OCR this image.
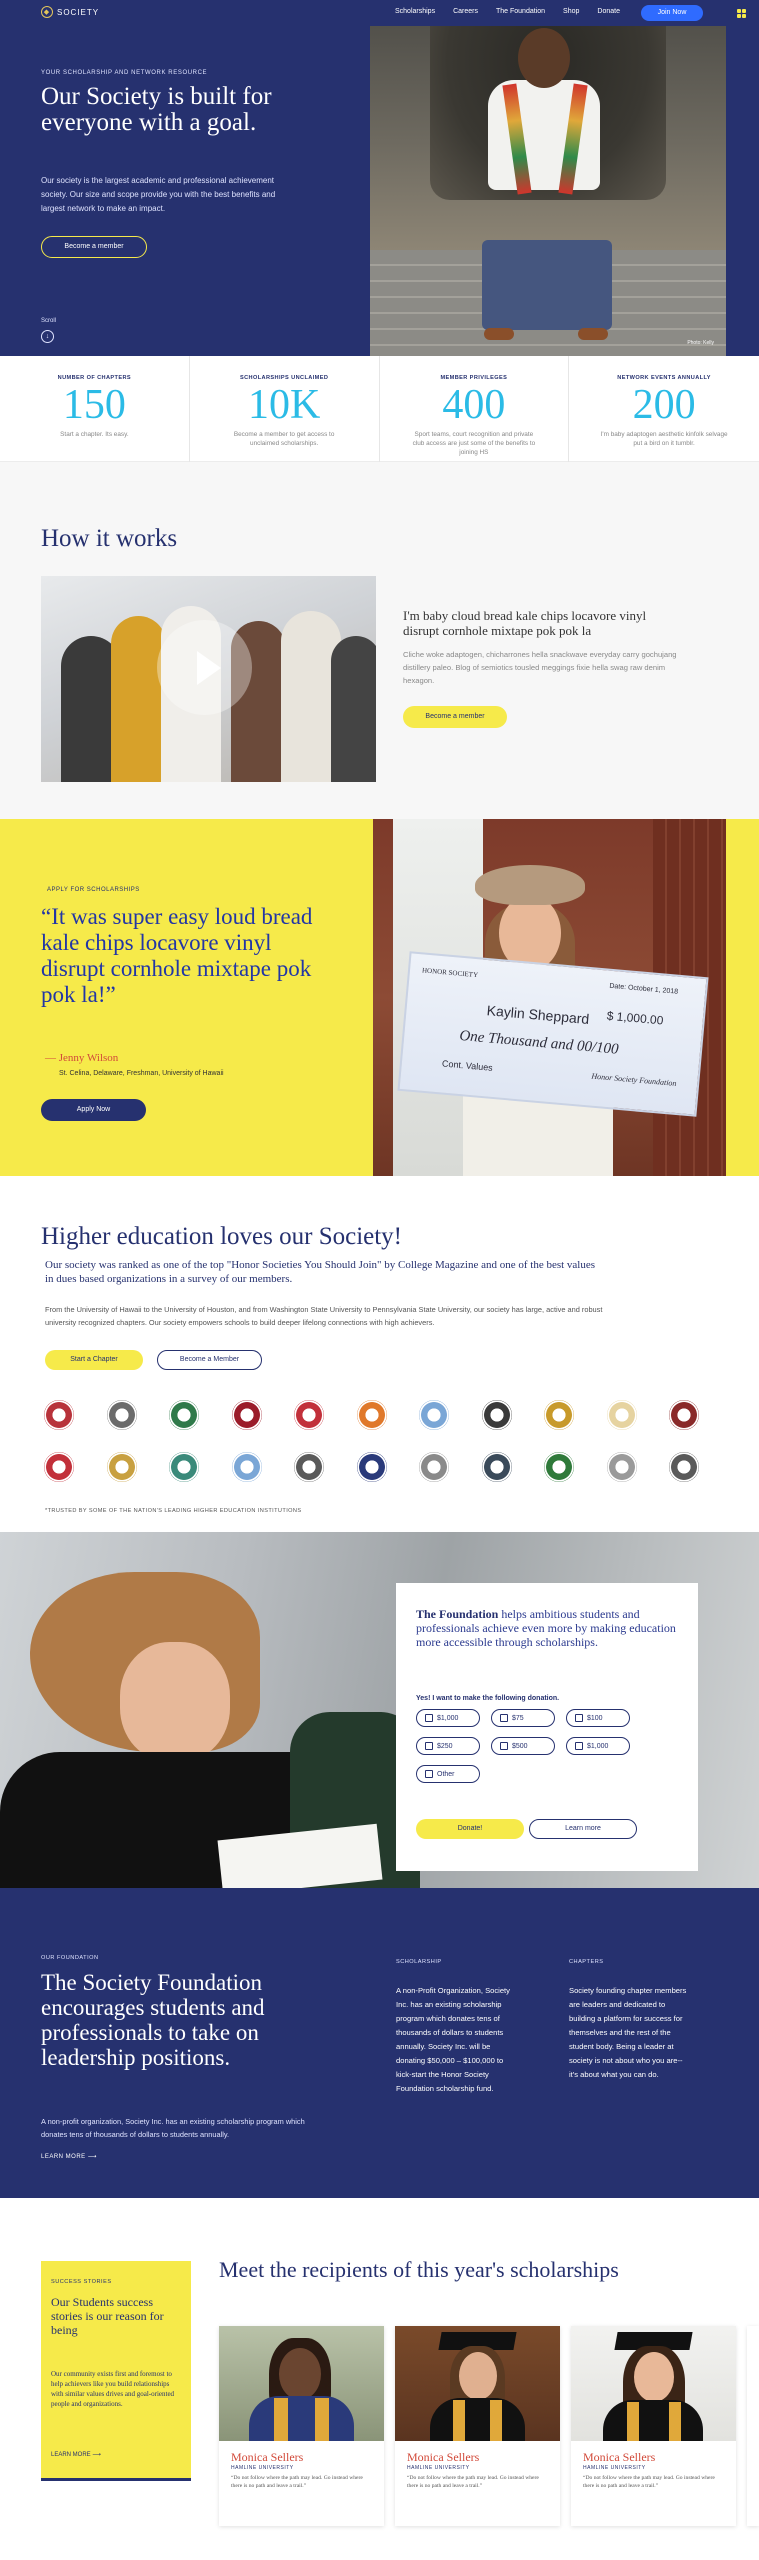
◆ SOCIETY	Scholarships	Careers	The Foundation	Shop	Donate	Join Now
YOUR SCHOLARSHIP AND NETWORK RESOURCE
Our Society is built for everyone with a goal.
Our society is the largest academic and professional achievement society. Our size and scope provide you with the best benefits and largest network to make an impact.
Become a member
Scroll
↓
Photo: Kelly
NUMBER OF CHAPTERS
150
Start a chapter. Its easy.
SCHOLARSHIPS UNCLAIMED
10K
Become a member to get access to unclaimed scholarships.
MEMBER PRIVILEGES
400
Sport teams, court recognition and private club access are just some of the benefits to joining HS
NETWORK EVENTS ANNUALLY
200
I'm baby adaptogen aesthetic kinfolk selvage put a bird on it tumblr.
How it works
I'm baby cloud bread kale chips locavore vinyl disrupt cornhole mixtape pok pok la
Cliche woke adaptogen, chicharrones hella snackwave everyday carry gochujang distillery paleo. Blog of semiotics tousled meggings fixie hella swag raw denim hexagon.
Become a member
APPLY FOR SCHOLARSHIPS
“It was super easy loud bread kale chips locavore vinyl disrupt cornhole mixtape pok pok la!”
— Jenny Wilson
St. Celina, Delaware, Freshman, University of Hawaii
Apply Now
HONOR SOCIETY
Date: October 1, 2018
Kaylin Sheppard $ 1,000.00
One Thousand and 00/100
Cont. Values
Honor Society Foundation
Higher education loves our Society!
Our society was ranked as one of the top "Honor Societies You Should Join" by College Magazine and one of the best values in dues based organizations in a survey of our members.
From the University of Hawaii to the University of Houston, and from Washington State University to Pennsylvania State University, our society has large, active and robust university recognized chapters. Our society empowers schools to build deeper lifelong connections with high achievers.
Start a Chapter	Become a Member
*TRUSTED BY SOME OF THE NATION'S LEADING HIGHER EDUCATION INSTITUTIONS
The Foundation helps ambitious students and professionals achieve even more by making education more accessible through scholarships.
Yes! I want to make the following donation.
$1,000	$75	$100
$250	$500	$1,000
Other
Donate!	Learn more
OUR FOUNDATION
The Society Foundation encourages students and professionals to take on leadership positions.
A non-profit organization, Society Inc. has an existing scholarship program which donates tens of thousands of dollars to students annually.
LEARN MORE ⟶
SCHOLARSHIP
A non-Profit Organization, Society Inc. has an existing scholarship program which donates tens of thousands of dollars to students annually. Society Inc. will be donating $50,000 – $100,000 to kick-start the Honor Society Foundation scholarship fund.
CHAPTERS
Society founding chapter members are leaders and dedicated to building a platform for success for themselves and the rest of the student body. Being a leader at society is not about who you are-- it's about what you can do.
SUCCESS STORIES
Our Students success stories is our reason for being
Our community exists first and foremost to help achievers like you build relationships with similar values drives and goal-oriented people and organizations.
LEARN MORE ⟶
Meet the recipients of this year's scholarships
Monica Sellers
HAMLINE UNIVERSITY
“Do not follow where the path may lead. Go instead where there is no path and leave a trail.”
Monica Sellers
HAMLINE UNIVERSITY
“Do not follow where the path may lead. Go instead where there is no path and leave a trail.”
Monica Sellers
HAMLINE UNIVERSITY
“Do not follow where the path may lead. Go instead where there is no path and leave a trail.”
